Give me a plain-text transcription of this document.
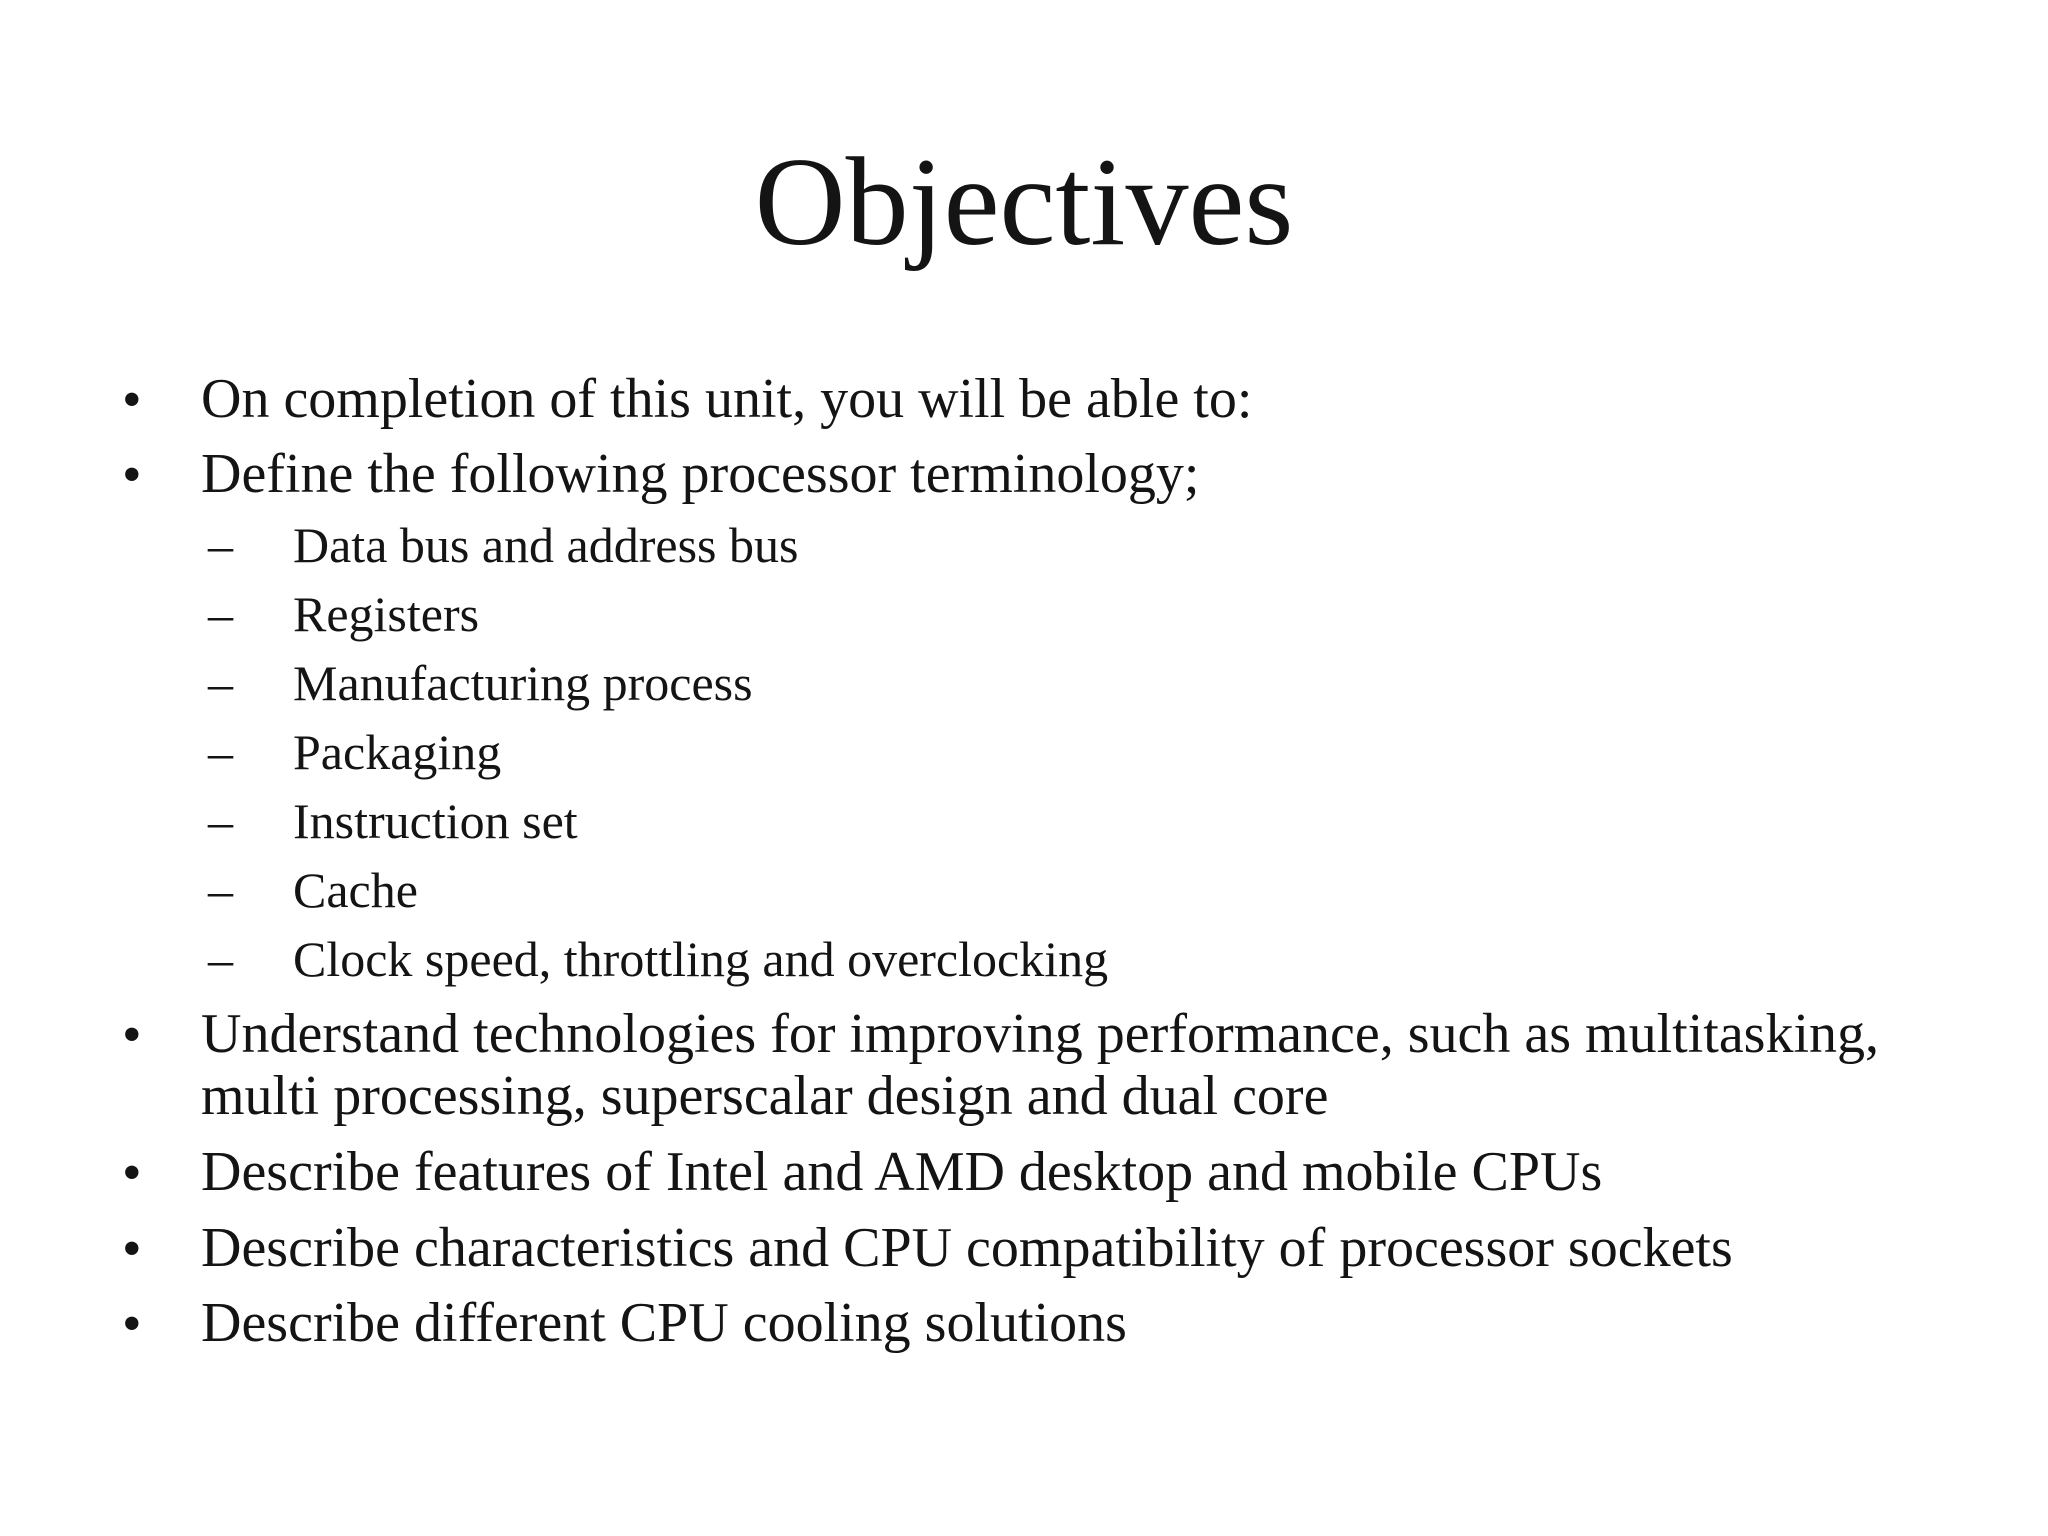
Objectives
• On completion of this unit, you will be able to:
• Define the following processor terminology;
– Data bus and address bus
– Registers
– Manufacturing process
– Packaging
– Instruction set
– Cache
– Clock speed, throttling and overclocking
• Understand technologies for improving performance, such as multitasking, multi processing, superscalar design and dual core
• Describe features of Intel and AMD desktop and mobile CPUs
• Describe characteristics and CPU compatibility of processor sockets
• Describe different CPU cooling solutions
